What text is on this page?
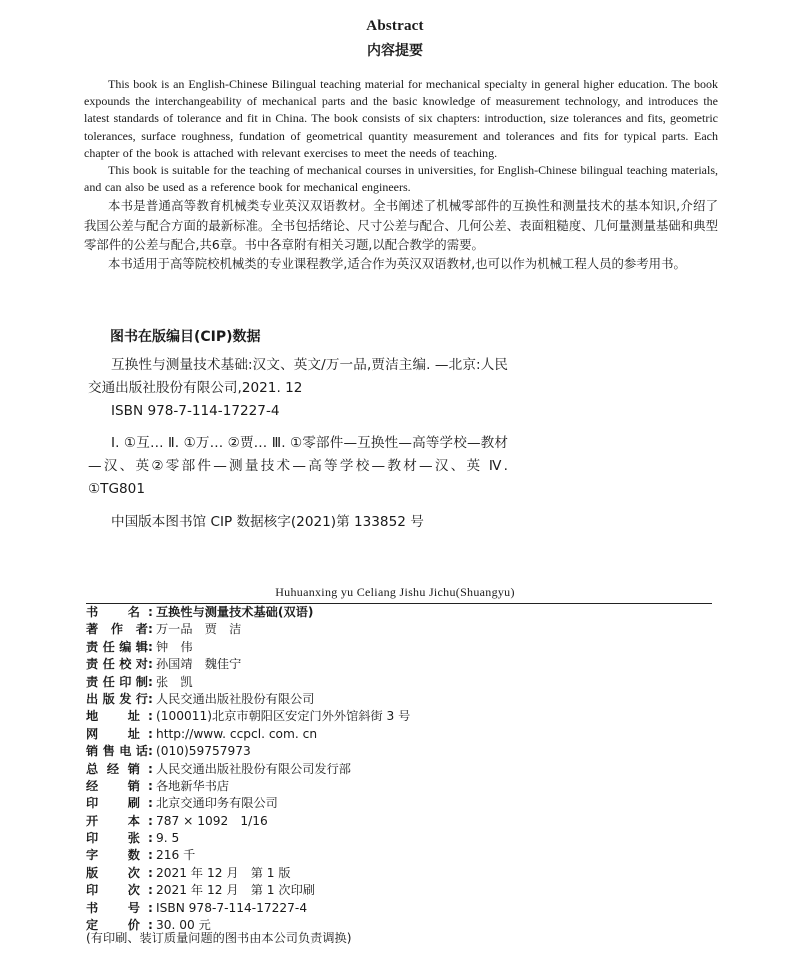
Abstract
内容提要

This book is an English-Chinese Bilingual teaching material for mechanical specialty in general higher education. The book expounds the interchangeability of mechanical parts and the basic knowledge of measurement technology, and introduces the latest standards of tolerance and fit in China. The book consists of six chapters: introduction, size tolerances and fits, geometric tolerances, surface roughness, fundation of geometrical quantity measurement and tolerances and fits for typical parts. Each chapter of the book is attached with relevant exercises to meet the needs of teaching.

This book is suitable for the teaching of mechanical courses in universities, for English-Chinese bilingual teaching materials, and can also be used as a reference book for mechanical engineers.

本书是普通高等教育机械类专业英汉双语教材。全书阐述了机械零部件的互换性和测量技术的基本知识,介绍了我国公差与配合方面的最新标准。全书包括绪论、尺寸公差与配合、几何公差、表面粗糙度、几何量测量基础和典型零部件的公差与配合,共6章。书中各章附有相关习题,以配合教学的需要。

本书适用于高等院校机械类的专业课程教学,适合作为英汉双语教材,也可以作为机械工程人员的参考用书。

图书在版编目(CIP)数据

互换性与测量技术基础:汉文、英文/万一品,贾洁主编. —北京:人民交通出版社股份有限公司,2021. 12

ISBN 978-7-114-17227-4

Ⅰ. ①互… Ⅱ. ①万… ②贾… Ⅲ. ①零部件—互换性—高等学校—教材—汉、英②零部件—测量技术—高等学校—教材—汉、英 Ⅳ. ①TG801

中国版本图书馆 CIP 数据核字(2021)第 133852 号

Huhuanxing yu Celiang Jishu Jichu(Shuangyu)
书名 : 互换性与测量技术基础(双语)
著作者: 万一品　贾　洁
责任编辑: 钟　伟
责任校对: 孙国靖　魏佳宁
责任印制: 张　凯
出版发行: 人民交通出版社股份有限公司
地址 : (100011)北京市朝阳区安定门外外馆斜街 3 号
网址 : http://www. ccpcl. com. cn
销售电话: (010)59757973
总经销 : 人民交通出版社股份有限公司发行部
经销 : 各地新华书店
印刷 : 北京交通印务有限公司
开本 : 787 × 1092　1/16
印张 : 9. 5
字数 : 216 千
版次 : 2021 年 12 月　第 1 版
印次 : 2021 年 12 月　第 1 次印刷
书号 : ISBN 978-7-114-17227-4
定价 : 30. 00 元
(有印刷、装订质量问题的图书由本公司负责调换)
